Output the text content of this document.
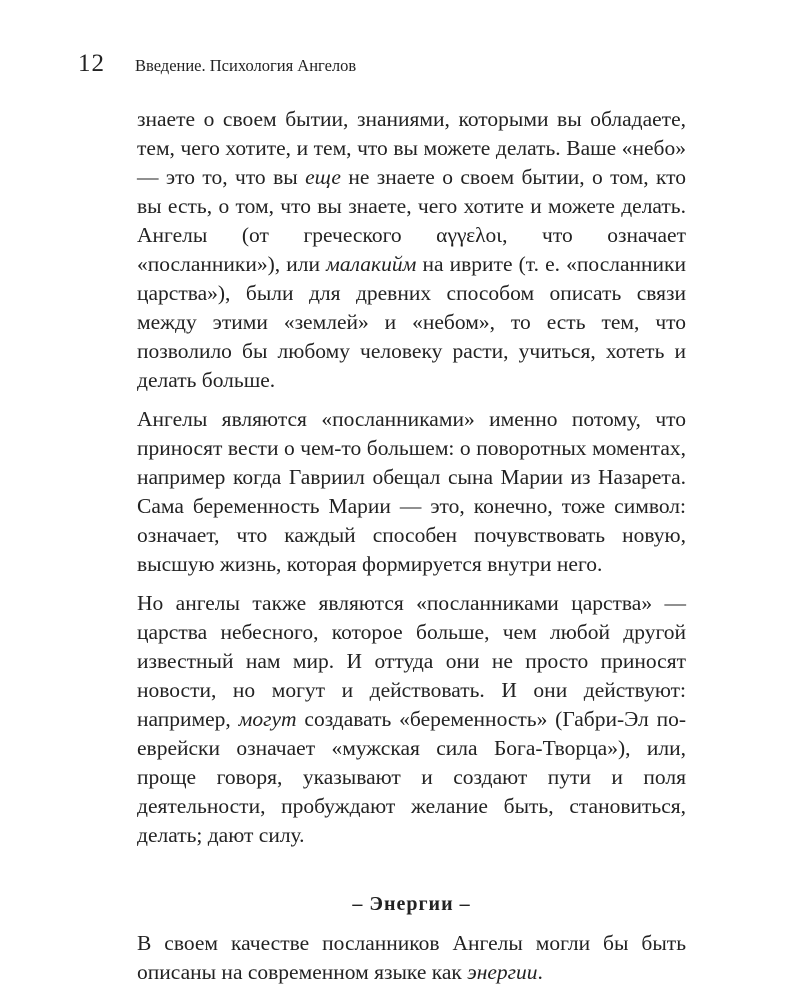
12 Введение. Психология Ангелов

знаете о своем бытии, знаниями, которыми вы обладаете, тем, чего хотите, и тем, что вы можете делать. Ваше «небо» — это то, что вы еще не знаете о своем бытии, о том, кто вы есть, о том, что вы знаете, чего хотите и можете делать. Ангелы (от греческого αγγελοι, что означает «посланники»), или малакийм на иврите (т. е. «посланники царства»), были для древних способом описать связи между этими «землей» и «небом», то есть тем, что позволило бы любому человеку расти, учиться, хотеть и делать больше.

Ангелы являются «посланниками» именно потому, что приносят вести о чем-то большем: о поворотных моментах, например когда Гавриил обещал сына Марии из Назарета. Сама беременность Марии — это, конечно, тоже символ: означает, что каждый способен почувствовать новую, высшую жизнь, которая формируется внутри него.

Но ангелы также являются «посланниками царства» — царства небесного, которое больше, чем любой другой известный нам мир. И оттуда они не просто приносят новости, но могут и действовать. И они действуют: например, могут создавать «беременность» (Габри-Эл по-еврейски означает «мужская сила Бога-Творца»), или, проще говоря, указывают и создают пути и поля деятельности, пробуждают желание быть, становиться, делать; дают силу.

– Энергии –

В своем качестве посланников Ангелы могли бы быть описаны на современном языке как энергии.
